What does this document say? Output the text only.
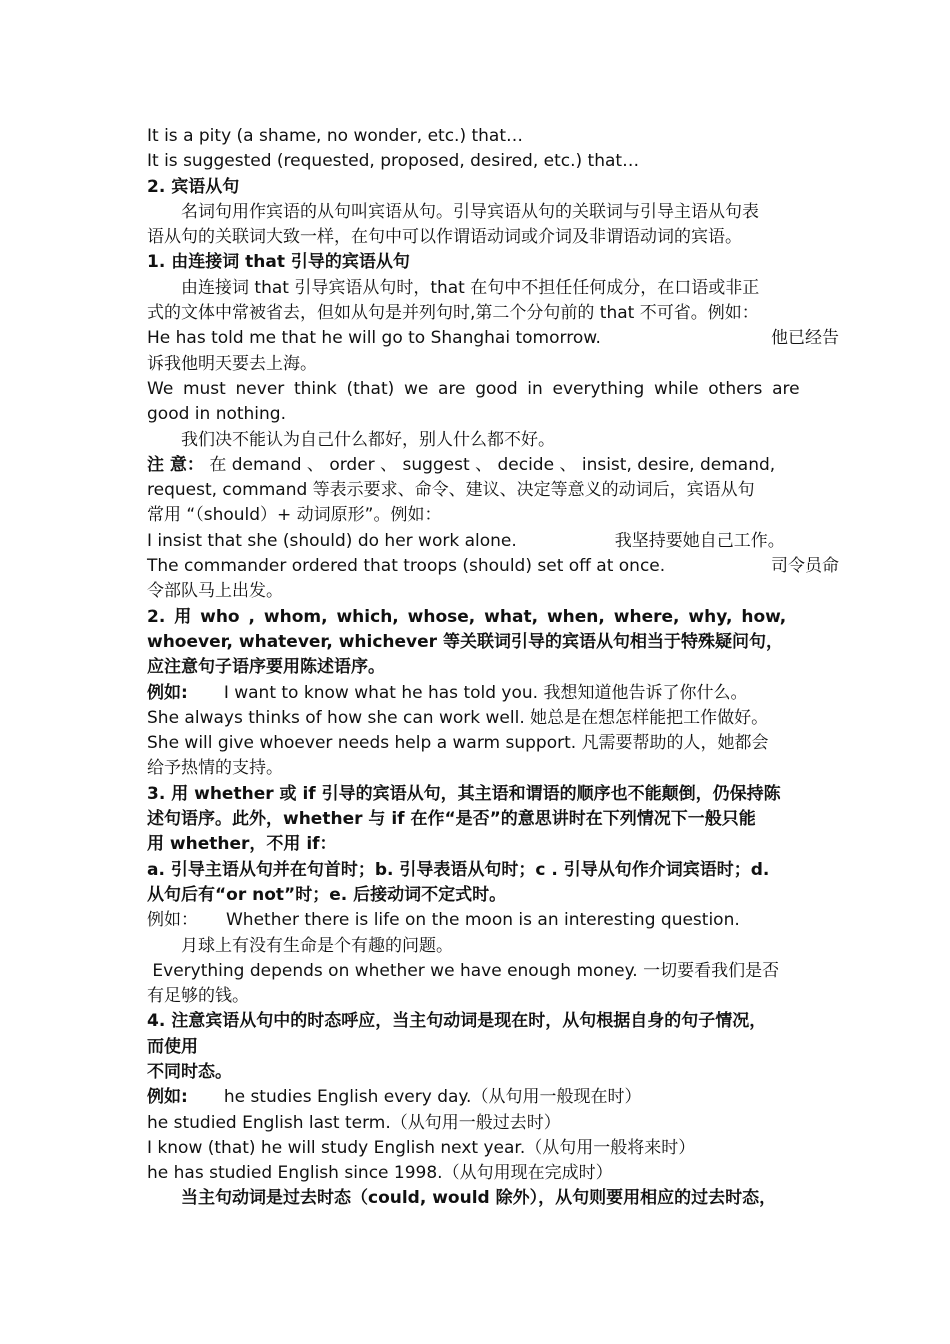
It is a pity (a shame, no wonder, etc.) that…
It is suggested (requested, proposed, desired, etc.) that…
2. 宾语从句
名词句用作宾语的从句叫宾语从句。引导宾语从句的关联词与引导主语从句表
语从句的关联词大致一样，在句中可以作谓语动词或介词及非谓语动词的宾语。
1. 由连接词 that 引导的宾语从句
由连接词 that 引导宾语从句时，that 在句中不担任任何成分，在口语或非正
式的文体中常被省去，但如从句是并列句时,第二个分句前的 that 不可省。例如：
He has told me that he will go to Shanghai tomorrow.	他已经告
诉我他明天要去上海。
We must never think (that) we are good in everything while others are
good in nothing.
我们决不能认为自己什么都好，别人什么都不好。
注 意： 在 demand 、 order 、 suggest 、 decide 、 insist, desire, demand,
request, command 等表示要求、命令、建议、决定等意义的动词后，宾语从句
常用 “（should）+ 动词原形”。例如：
I insist that she (should) do her work alone.	我坚持要她自己工作。
The commander ordered that troops (should) set off at once.	司令员命
令部队马上出发。
2. 用 who , whom, which, whose, what, when, where, why, how,
whoever, whatever, whichever 等关联词引导的宾语从句相当于特殊疑问句，
应注意句子语序要用陈述语序。
例如: I want to know what he has told you. 我想知道他告诉了你什么。
She always thinks of how she can work well. 她总是在想怎样能把工作做好。
She will give whoever needs help a warm support. 凡需要帮助的人，她都会
给予热情的支持。
3. 用 whether 或 if 引导的宾语从句，其主语和谓语的顺序也不能颠倒，仍保持陈
述句语序。此外，whether 与 if 在作“是否”的意思讲时在下列情况下一般只能
用 whether，不用 if：
a. 引导主语从句并在句首时；b. 引导表语从句时；c . 引导从句作介词宾语时；d.
从句后有“or not”时；e. 后接动词不定式时。
例如： Whether there is life on the moon is an interesting question.
月球上有没有生命是个有趣的问题。
Everything depends on whether we have enough money. 一切要看我们是否
有足够的钱。
4. 注意宾语从句中的时态呼应，当主句动词是现在时，从句根据自身的句子情况，
而使用
不同时态。
例如: he studies English every day.（从句用一般现在时）
he studied English last term.（从句用一般过去时）
I know (that) he will study English next year.（从句用一般将来时）
he has studied English since 1998.（从句用现在完成时）
当主句动词是过去时态（could, would 除外），从句则要用相应的过去时态，
